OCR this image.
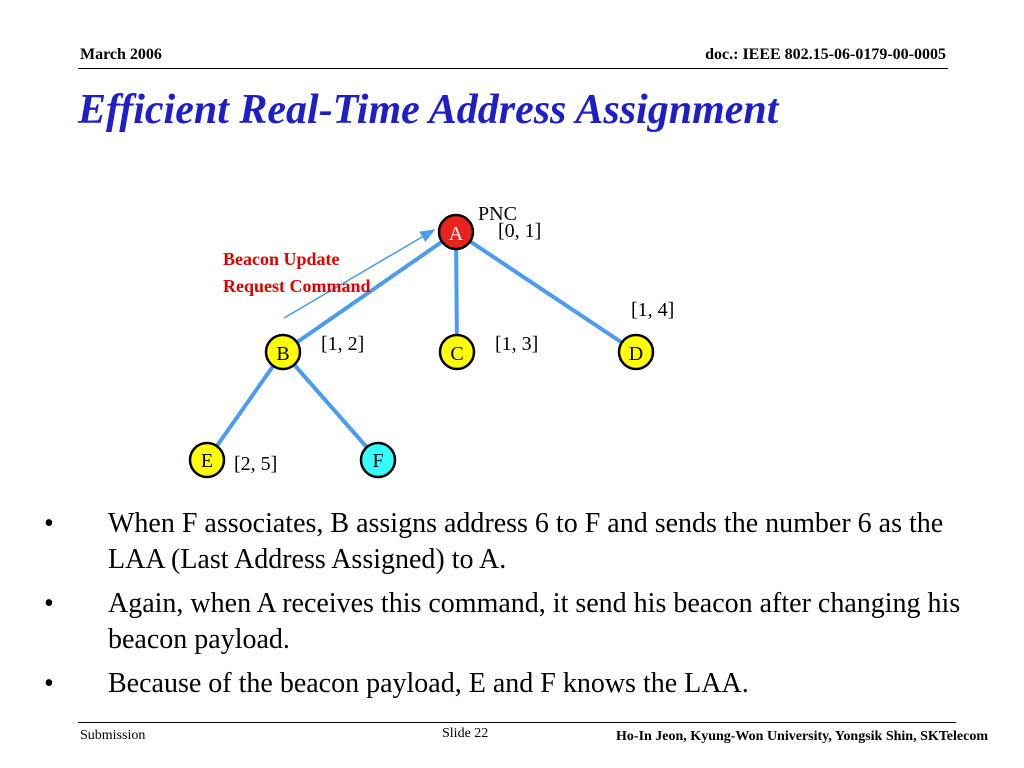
March 2006	doc.: IEEE 802.15-06-0179-00-0005
Efficient Real-Time Address Assignment
A
B	C	D
E	F
PNC
[0, 1]
[1, 2]	[1, 3]
[1, 4]
[2, 5]
Beacon Update
Request Command
• When F associates, B assigns address 6 to F and sends the number 6 as the LAA (Last Address Assigned) to A.
• Again, when A receives this command, it send his beacon after changing his beacon payload.
• Because of the beacon payload, E and F knows the LAA.
Submission	Slide 22	Ho-In Jeon, Kyung-Won University, Yongsik Shin, SKTelecom
